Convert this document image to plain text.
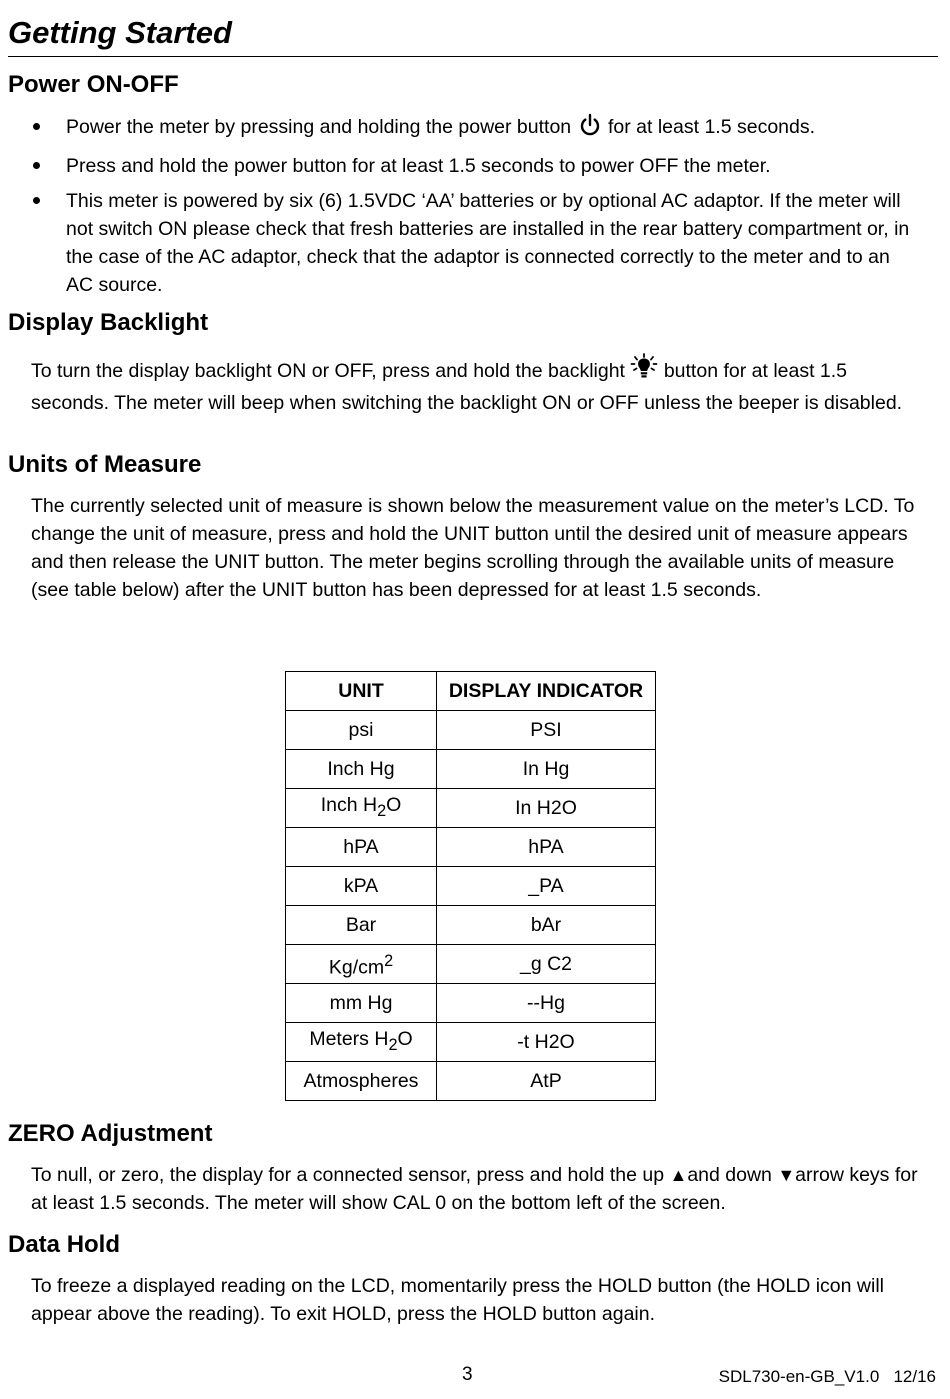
Getting Started
Power ON-OFF
Power the meter by pressing and holding the power button for at least 1.5 seconds.
Press and hold the power button for at least 1.5 seconds to power OFF the meter.
This meter is powered by six (6) 1.5VDC ‘AA’ batteries or by optional AC adaptor. If the meter will not switch ON please check that fresh batteries are installed in the rear battery compartment or, in the case of the AC adaptor, check that the adaptor is connected correctly to the meter and to an AC source.
Display Backlight

To turn the display backlight ON or OFF, press and hold the backlight button for at least 1.5 seconds. The meter will beep when switching the backlight ON or OFF unless the beeper is disabled.

Units of Measure

The currently selected unit of measure is shown below the measurement value on the meter’s LCD. To change the unit of measure, press and hold the UNIT button until the desired unit of measure appears and then release the UNIT button. The meter begins scrolling through the available units of measure (see table below) after the UNIT button has been depressed for at least 1.5 seconds.

UNIT	DISPLAY INDICATOR
psi	PSI
Inch Hg	In Hg
Inch $H_2O$	In H2O
hPA	hPA
kPA	_PA
Bar	bAr
$Kg/cm^2$	_g C2
mm Hg	--Hg
Meters $H_2O$	-t H2O
Atmospheres	AtP
ZERO Adjustment

To null, or zero, the display for a connected sensor, press and hold the up ▲and down ▼arrow keys for at least 1.5 seconds. The meter will show CAL 0 on the bottom left of the screen.

Data Hold

To freeze a displayed reading on the LCD, momentarily press the HOLD button (the HOLD icon will appear above the reading). To exit HOLD, press the HOLD button again.

3	SDL730-en-GB_V1.0   12/16
